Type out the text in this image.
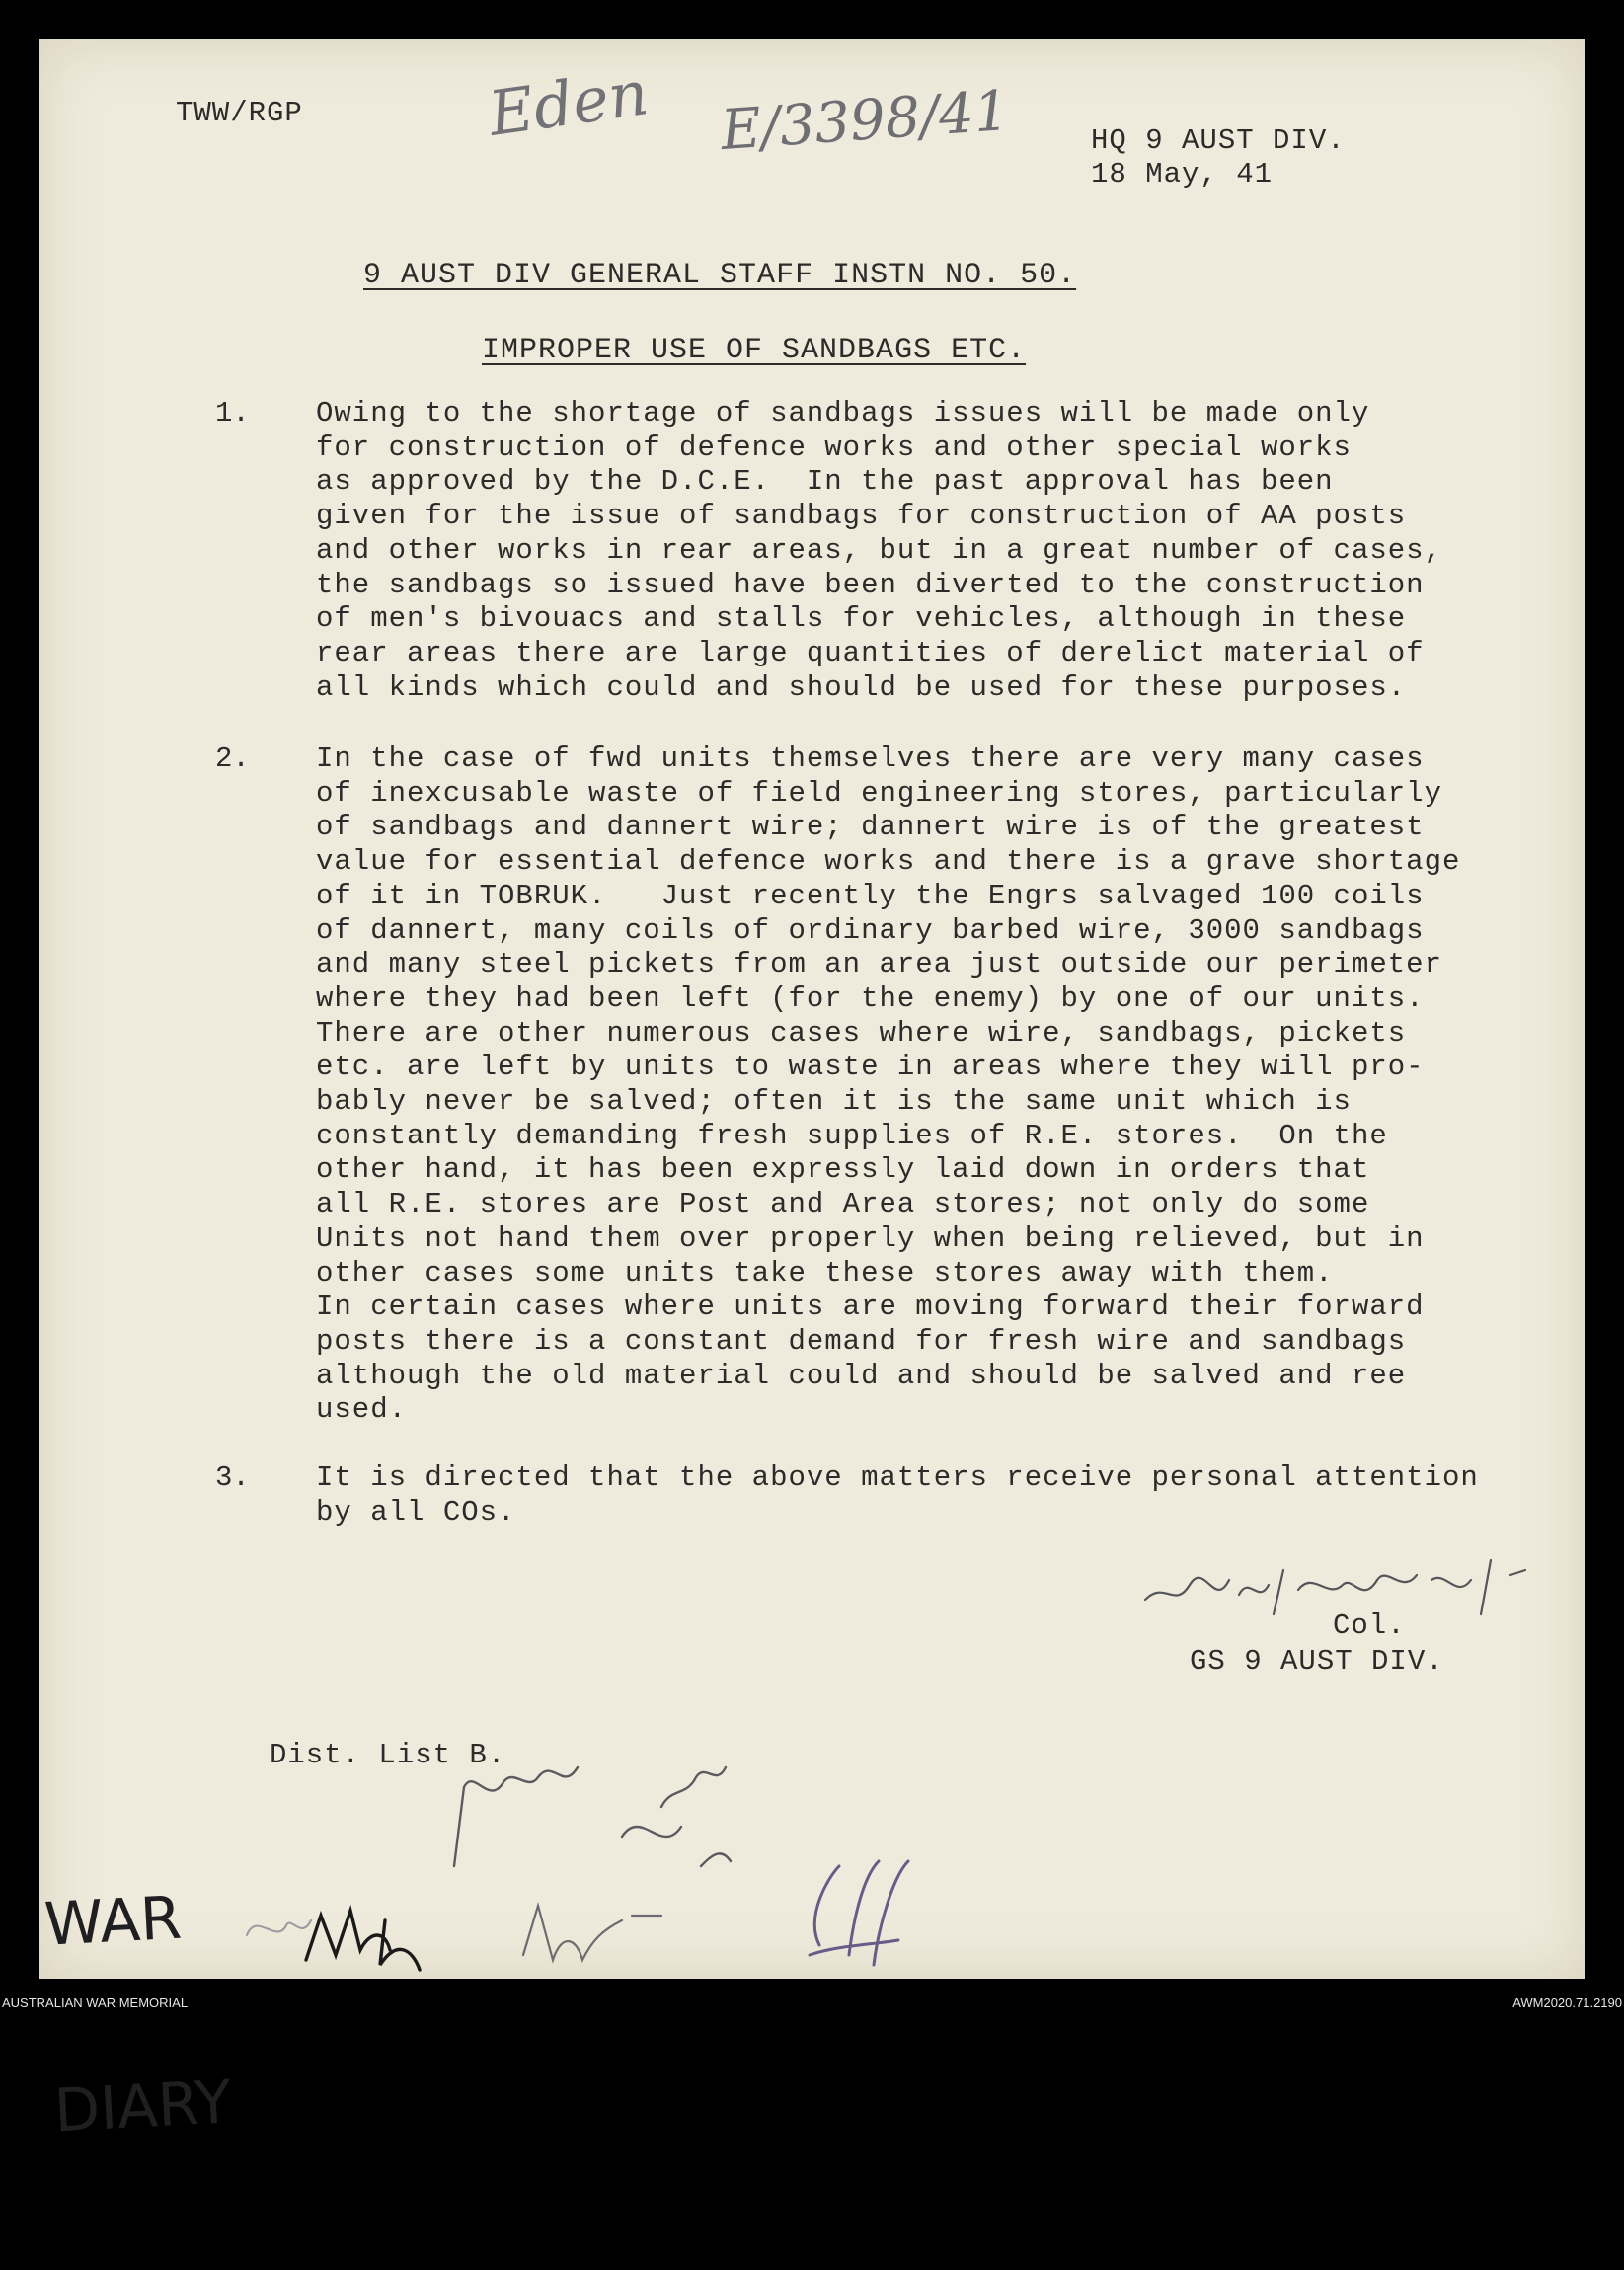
TWW/RGP	Eden E/3398/41	HQ 9 AUST DIV.
18 May, 41
9 AUST DIV GENERAL STAFF INSTN NO. 50.
IMPROPER USE OF SANDBAGS ETC.
1. Owing to the shortage of sandbags issues will be made only
for construction of defence works and other special works
as approved by the D.C.E.  In the past approval has been
given for the issue of sandbags for construction of AA posts
and other works in rear areas, but in a great number of cases,
the sandbags so issued have been diverted to the construction
of men's bivouacs and stalls for vehicles, although in these
rear areas there are large quantities of derelict material of
all kinds which could and should be used for these purposes.
2. In the case of fwd units themselves there are very many cases
of inexcusable waste of field engineering stores, particularly
of sandbags and dannert wire; dannert wire is of the greatest
value for essential defence works and there is a grave shortage
of it in TOBRUK.   Just recently the Engrs salvaged 100 coils
of dannert, many coils of ordinary barbed wire, 3000 sandbags
and many steel pickets from an area just outside our perimeter
where they had been left (for the enemy) by one of our units.
There are other numerous cases where wire, sandbags, pickets
etc. are left by units to waste in areas where they will pro-
bably never be salved; often it is the same unit which is
constantly demanding fresh supplies of R.E. stores.  On the
other hand, it has been expressly laid down in orders that
all R.E. stores are Post and Area stores; not only do some
Units not hand them over properly when being relieved, but in
other cases some units take these stores away with them.
In certain cases where units are moving forward their forward
posts there is a constant demand for fresh wire and sandbags
although the old material could and should be salved and ree
used.
3. It is directed that the above matters receive personal attention
by all COs.
Col.
GS 9 AUST DIV.
Dist. List B.

WAR

DIARY

AUSTRALIAN WAR MEMORIAL	AWM2020.71.2190
